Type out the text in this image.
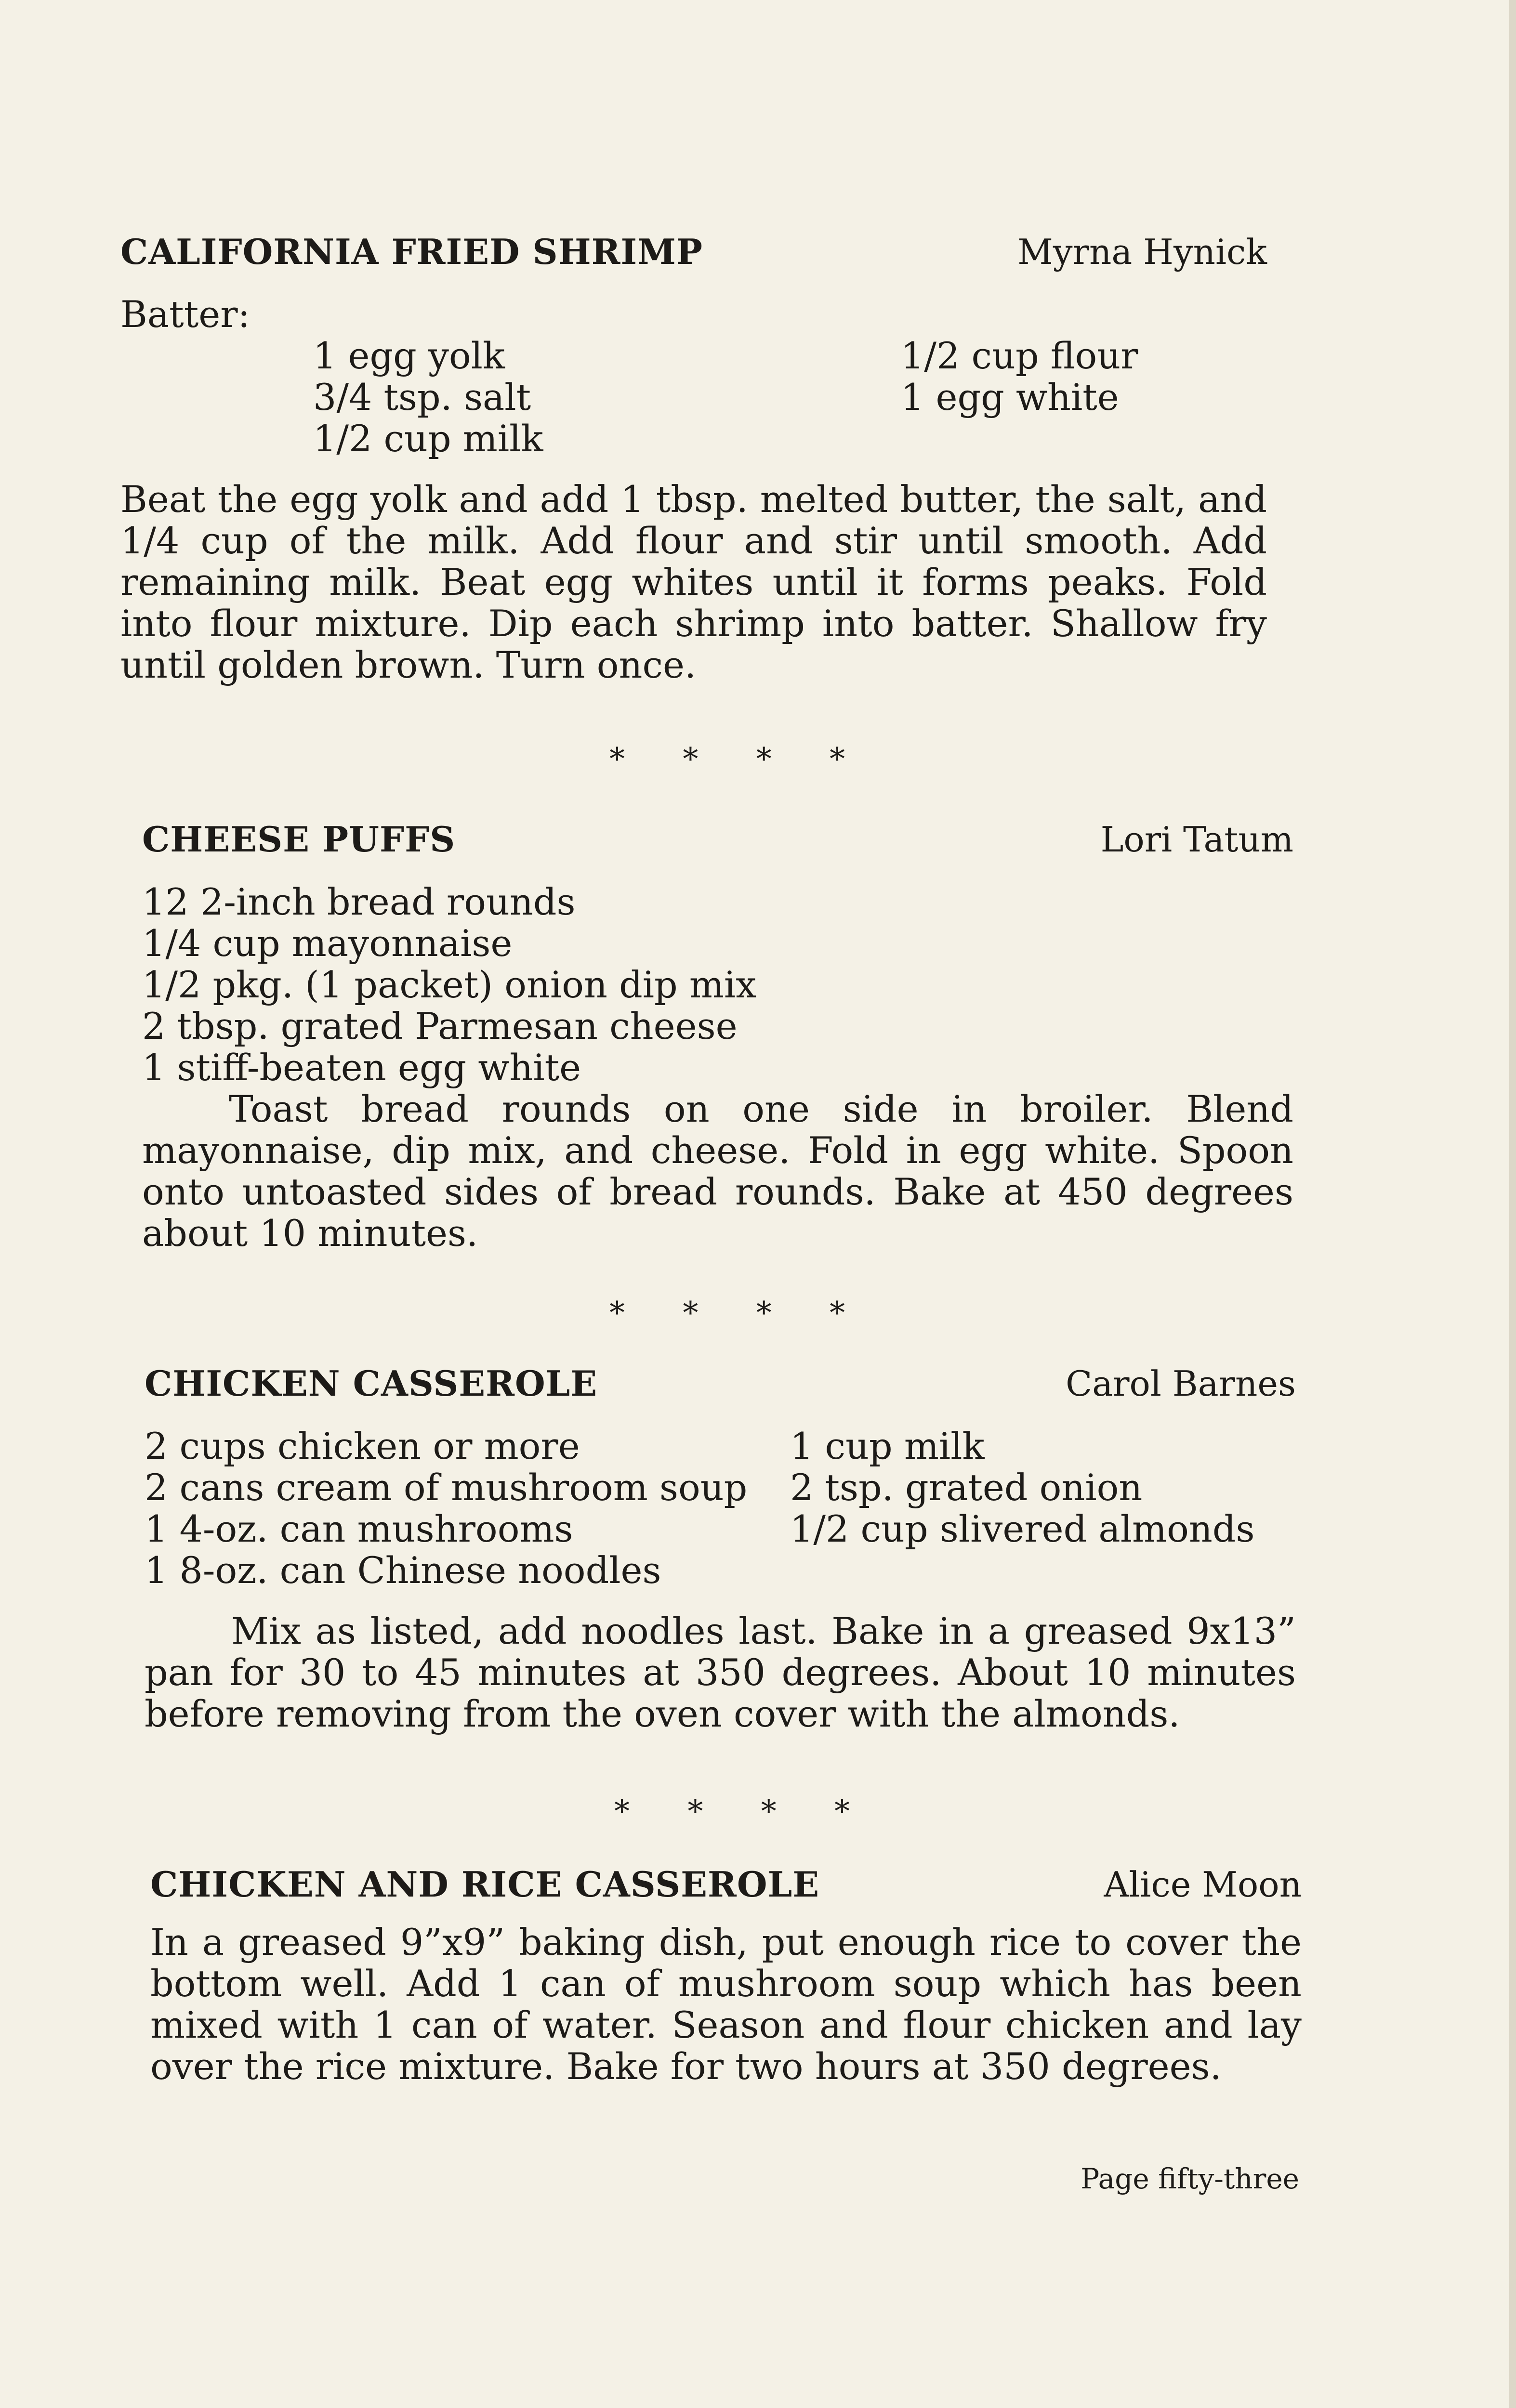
CALIFORNIA FRIED SHRIMP	Myrna Hynick
Batter:
1 egg yolk
3/4 tsp. salt
1/2 cup milk
1/2 cup flour
1 egg white
Beat the egg yolk and add 1 tbsp. melted butter, the salt, and 1/4 cup of the milk. Add flour and stir until smooth. Add remaining milk. Beat egg whites until it forms peaks. Fold into flour mixture. Dip each shrimp into batter. Shallow fry until golden brown. Turn once.
* * * *
CHEESE PUFFS	Lori Tatum
12 2-inch bread rounds
1/4 cup mayonnaise
1/2 pkg. (1 packet) onion dip mix
2 tbsp. grated Parmesan cheese
1 stiff-beaten egg white
Toast bread rounds on one side in broiler. Blend mayonnaise, dip mix, and cheese. Fold in egg white. Spoon onto untoasted sides of bread rounds. Bake at 450 degrees about 10 minutes.
* * * *
CHICKEN CASSEROLE	Carol Barnes
2 cups chicken or more
2 cans cream of mushroom soup
1 4-oz. can mushrooms
1 8-oz. can Chinese noodles
1 cup milk
2 tsp. grated onion
1/2 cup slivered almonds
Mix as listed, add noodles last. Bake in a greased 9x13” pan for 30 to 45 minutes at 350 degrees. About 10 minutes before removing from the oven cover with the almonds.
* * * *
CHICKEN AND RICE CASSEROLE	Alice Moon
In a greased 9”x9” baking dish, put enough rice to cover the bottom well. Add 1 can of mushroom soup which has been mixed with 1 can of water. Season and flour chicken and lay over the rice mixture. Bake for two hours at 350 degrees.
Page fifty-three
